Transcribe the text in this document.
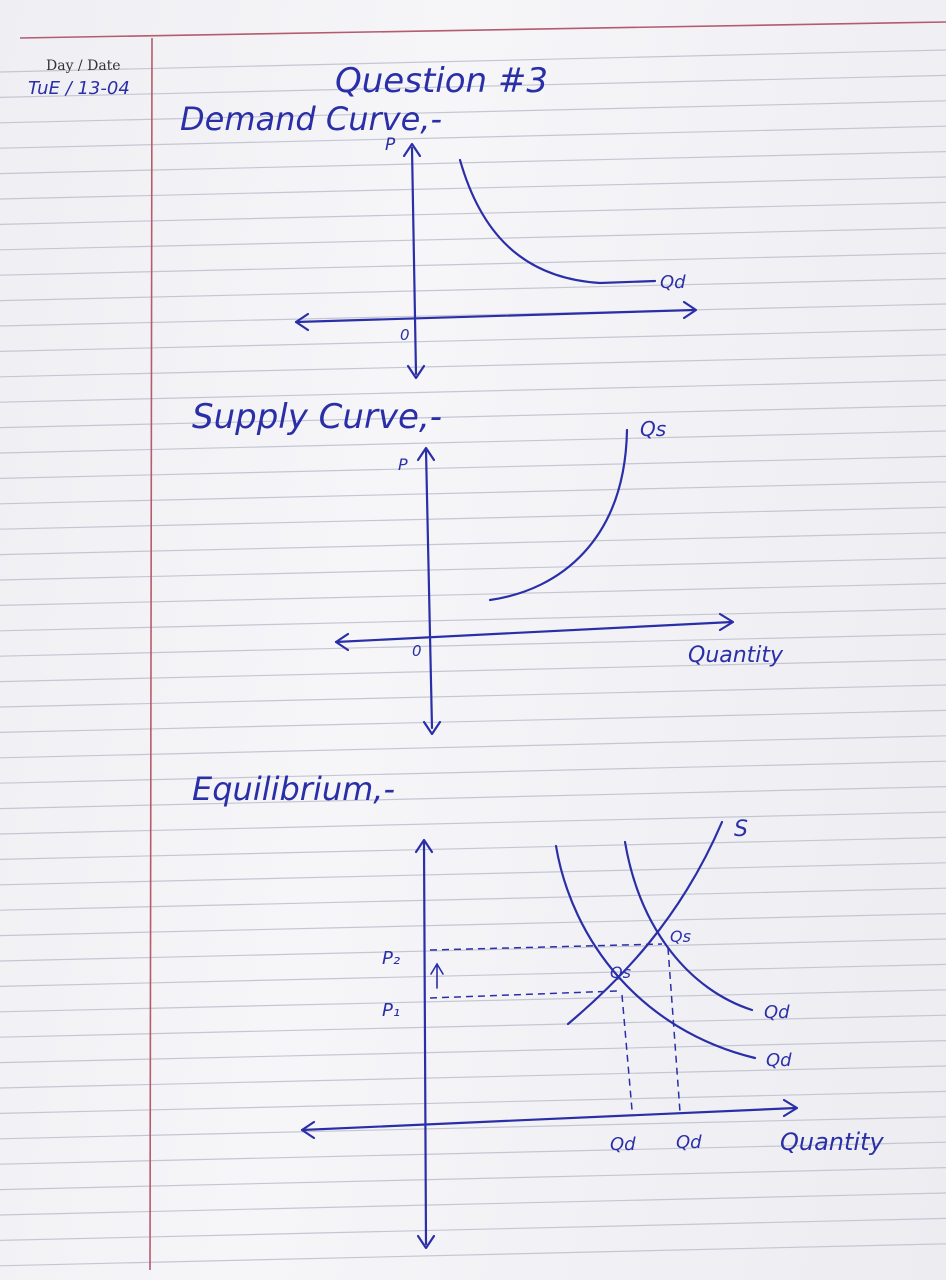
Day / Date
TuE / 13-04	Question #3
Demand Curve,-
P
0
Qd
Supply Curve,-
P
0
Qs
Quantity
Equilibrium,-
S
Qd
Qd
Qs
Qs
P₂
P₁
Qd Qd	Quantity
